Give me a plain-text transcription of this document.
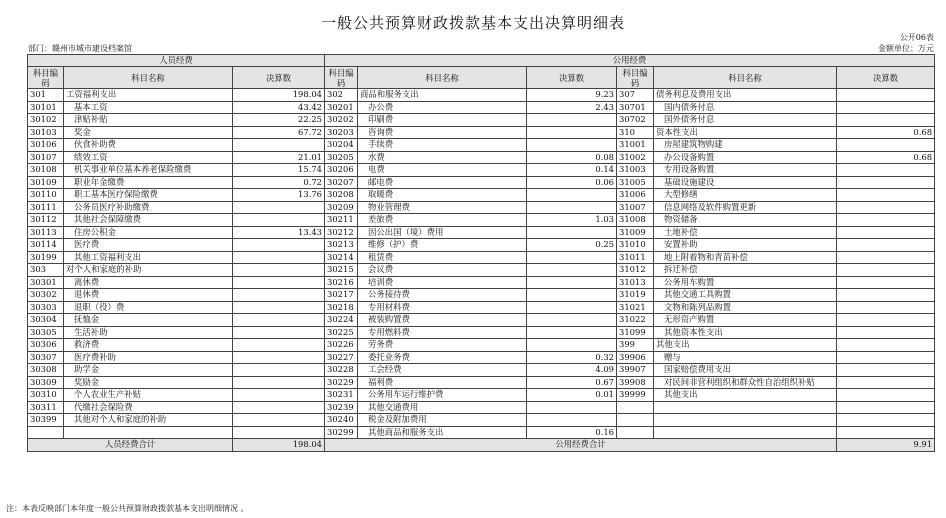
一般公共预算财政拨款基本支出决算明细表
公开06表
部门：赣州市城市建设档案馆	金额单位：万元
人员经费			公用经费					
科目编码	科目名称	决算数	科目编码	科目名称	决算数	科目编码	科目名称	决算数
301	工资福利支出	198.04	302	商品和服务支出	9.23	307	债务利息及费用支出	
30101	基本工资	43.42	30201	办公费	2.43	30701	国内债务付息	
30102	津贴补贴	22.25	30202	印刷费		30702	国外债务付息	
30103	奖金	67.72	30203	咨询费		310	资本性支出	0.68
30106	伙食补助费		30204	手续费		31001	房屋建筑物购建	
30107	绩效工资	21.01	30205	水费	0.08	31002	办公设备购置	0.68
30108	机关事业单位基本养老保险缴费	15.74	30206	电费	0.14	31003	专用设备购置	
30109	职业年金缴费	0.72	30207	邮电费	0.06	31005	基础设施建设	
30110	职工基本医疗保险缴费	13.76	30208	取暖费		31006	大型修缮	
30111	公务员医疗补助缴费		30209	物业管理费		31007	信息网络及软件购置更新	
30112	其他社会保障缴费		30211	差旅费	1.03	31008	物资储备	
30113	住房公积金	13.43	30212	因公出国（境）费用		31009	土地补偿	
30114	医疗费		30213	维修（护）费	0.25	31010	安置补助	
30199	其他工资福利支出		30214	租赁费		31011	地上附着物和青苗补偿	
303	对个人和家庭的补助		30215	会议费		31012	拆迁补偿	
30301	离休费		30216	培训费		31013	公务用车购置	
30302	退休费		30217	公务接待费		31019	其他交通工具购置	
30303	退职（役）费		30218	专用材料费		31021	文物和陈列品购置	
30304	抚恤金		30224	被装购置费		31022	无形资产购置	
30305	生活补助		30225	专用燃料费		31099	其他资本性支出	
30306	救济费		30226	劳务费		399	其他支出	
30307	医疗费补助		30227	委托业务费	0.32	39906	赠与	
30308	助学金		30228	工会经费	4.09	39907	国家赔偿费用支出	
30309	奖励金		30229	福利费	0.67	39908	对民间非营利组织和群众性自治组织补贴	
30310	个人农业生产补贴		30231	公务用车运行维护费	0.01	39999	其他支出	
30311	代缴社会保险费		30239	其他交通费用				
30399	其他对个人和家庭的补助		30240	税金及附加费用				
			30299	其他商品和服务支出	0.16			
人员经费合计		198.04	公用经费合计					9.91
注：本表反映部门本年度一般公共预算财政拨款基本支出明细情况 。
